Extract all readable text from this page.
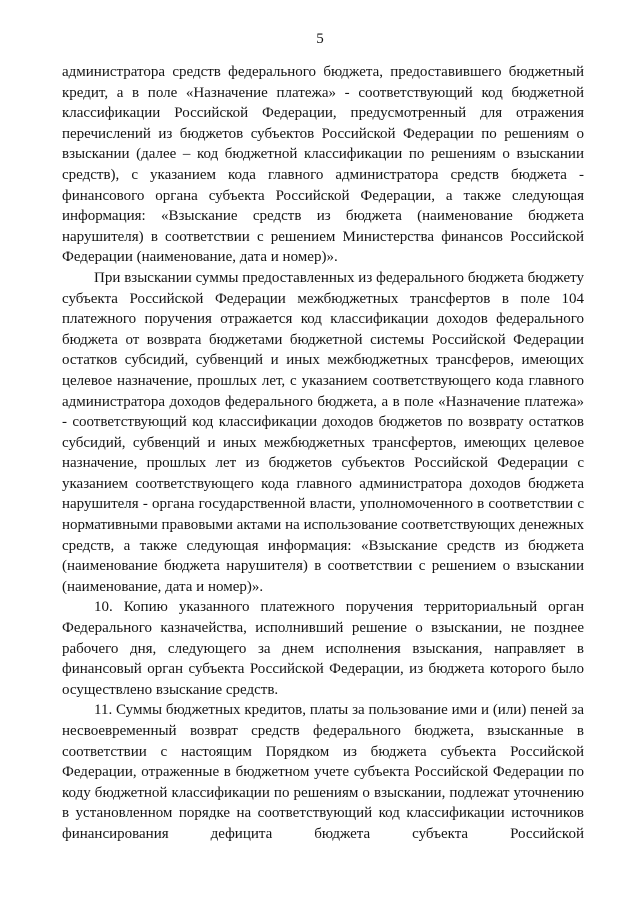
5

администратора средств федерального бюджета, предоставившего бюджетный кредит, а в поле «Назначение платежа» - соответствующий код бюджетной классификации Российской Федерации, предусмотренный для отражения перечислений из бюджетов субъектов Российской Федерации по решениям о взыскании (далее – код бюджетной классификации по решениям о взыскании средств), с указанием кода главного администратора средств бюджета - финансового органа субъекта Российской Федерации, а также следующая информация: «Взыскание средств из бюджета (наименование бюджета нарушителя) в соответствии с решением Министерства финансов Российской Федерации (наименование, дата и номер)».

При взыскании суммы предоставленных из федерального бюджета бюджету субъекта Российской Федерации межбюджетных трансфертов в поле 104 платежного поручения отражается код классификации доходов федерального бюджета от возврата бюджетами бюджетной системы Российской Федерации остатков субсидий, субвенций и иных межбюджетных трансферов, имеющих целевое назначение, прошлых лет, с указанием соответствующего кода главного администратора доходов федерального бюджета, а в поле «Назначение платежа» - соответствующий код классификации доходов бюджетов по возврату остатков субсидий, субвенций и иных межбюджетных трансфертов, имеющих целевое назначение, прошлых лет из бюджетов субъектов Российской Федерации с указанием соответствующего кода главного администратора доходов бюджета нарушителя - органа государственной власти, уполномоченного в соответствии с нормативными правовыми актами на использование соответствующих денежных средств, а также следующая информация: «Взыскание средств из бюджета (наименование бюджета нарушителя) в соответствии с решением о взыскании (наименование, дата и номер)».

10. Копию указанного платежного поручения территориальный орган Федерального казначейства, исполнивший решение о взыскании, не позднее рабочего дня, следующего за днем исполнения взыскания, направляет в финансовый орган субъекта Российской Федерации, из бюджета которого было осуществлено взыскание средств.

11. Суммы бюджетных кредитов, платы за пользование ими и (или) пеней за несвоевременный возврат средств федерального бюджета, взысканные в соответствии с настоящим Порядком из бюджета субъекта Российской Федерации, отраженные в бюджетном учете субъекта Российской Федерации по коду бюджетной классификации по решениям о взыскании, подлежат уточнению в установленном порядке на соответствующий код классификации источников финансирования дефицита бюджета субъекта Российской
